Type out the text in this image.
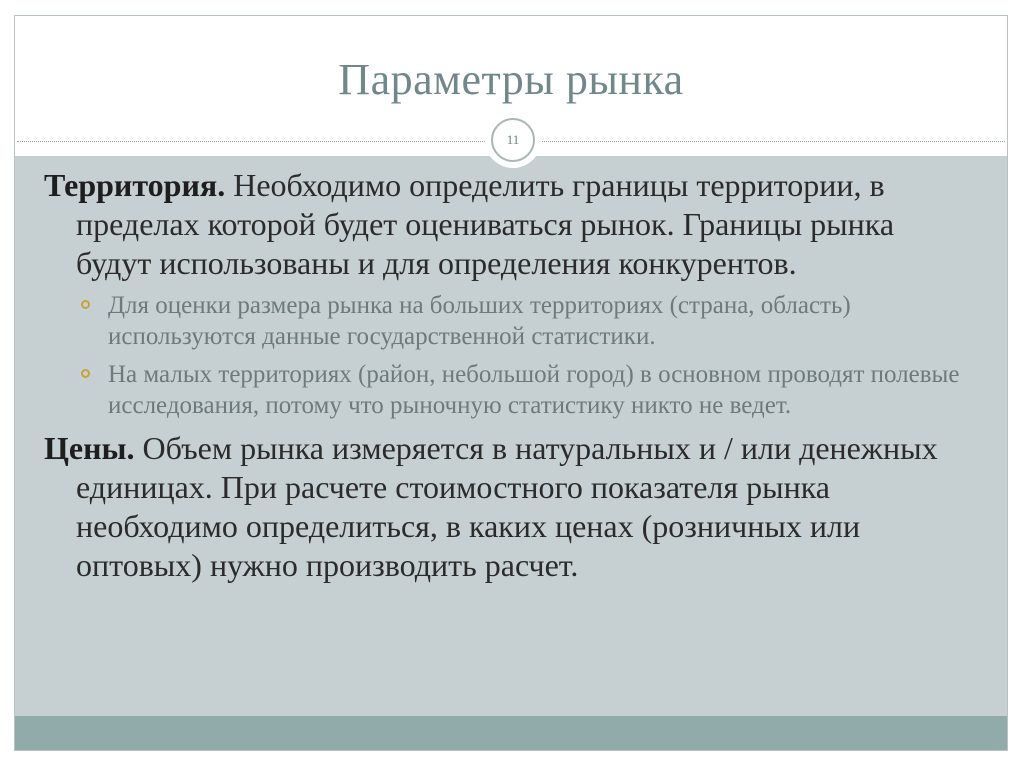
Параметры рынка
11

Территория. Необходимо определить границы территории, в пределах которой будет оцениваться рынок. Границы рынка будут использованы и для определения конкурентов.

Для оценки размера рынка на больших территориях (страна, область) используются данные государственной статистики.
На малых территориях (район, небольшой город) в основном проводят полевые исследования, потому что рыночную статистику никто не ведет.

Цены. Объем рынка измеряется в натуральных и / или денежных единицах. При расчете стоимостного показателя рынка необходимо определиться, в каких ценах (розничных или оптовых) нужно производить расчет.
